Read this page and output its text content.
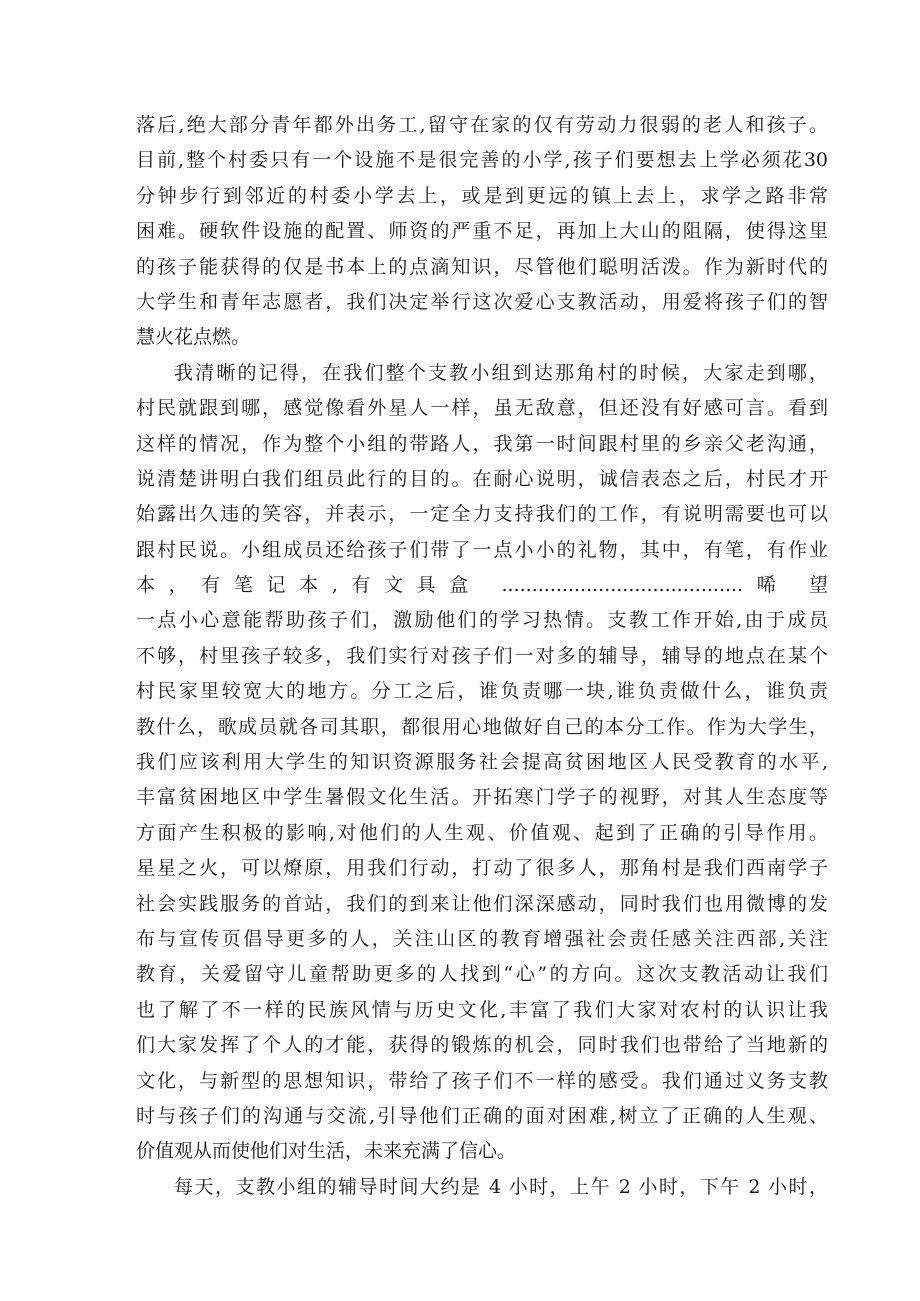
落后,绝大部分青年都外出务工,留守在家的仅有劳动力很弱的老人和孩子。
目前,整个村委只有一个设施不是很完善的小学,孩子们要想去上学必须花30
分钟步行到邻近的村委小学去上，或是到更远的镇上去上，求学之路非常
困难。硬软件设施的配置、师资的严重不足，再加上大山的阻隔，使得这里
的孩子能获得的仅是书本上的点滴知识，尽管他们聪明活泼。作为新时代的
大学生和青年志愿者，我们决定举行这次爱心支教活动，用爱将孩子们的智
慧火花点燃。
我清晰的记得，在我们整个支教小组到达那角村的时候，大家走到哪，
村民就跟到哪，感觉像看外星人一样，虽无敌意，但还没有好感可言。看到
这样的情况，作为整个小组的带路人，我第一时间跟村里的乡亲父老沟通，
说清楚讲明白我们组员此行的目的。在耐心说明，诚信表态之后，村民才开
始露出久违的笑容，并表示，一定全力支持我们的工作，有说明需要也可以
跟村民说。小组成员还给孩子们带了一点小小的礼物，其中，有笔，有作业
本，有笔记本,有文具盒 ........................................唏 望
一点小心意能帮助孩子们，激励他们的学习热情。支教工作开始,由于成员
不够，村里孩子较多，我们实行对孩子们一对多的辅导，辅导的地点在某个
村民家里较宽大的地方。分工之后，谁负责哪一块,谁负责做什么，谁负责
教什么，歌成员就各司其职，都很用心地做好自己的本分工作。作为大学生，
我们应该利用大学生的知识资源服务社会提高贫困地区人民受教育的水平,
丰富贫困地区中学生暑假文化生活。开拓寒门学子的视野，对其人生态度等
方面产生积极的影响,对他们的人生观、价值观、起到了正确的引导作用。
星星之火，可以燎原，用我们行动，打动了很多人，那角村是我们西南学子
社会实践服务的首站，我们的到来让他们深深感动，同时我们也用微博的发
布与宣传页倡导更多的人，关注山区的教育增强社会责任感关注西部,关注
教育，关爱留守儿童帮助更多的人找到“心”的方向。这次支教活动让我们
也了解了不一样的民族风情与历史文化,丰富了我们大家对农村的认识让我
们大家发挥了个人的才能，获得的锻炼的机会，同时我们也带给了当地新的
文化，与新型的思想知识，带给了孩子们不一样的感受。我们通过义务支教
时与孩子们的沟通与交流,引导他们正确的面对困难,树立了正确的人生观、
价值观从而使他们对生活，未来充满了信心。
每天，支教小组的辅导时间大约是 4 小时，上午 2 小时，下午 2 小时，
